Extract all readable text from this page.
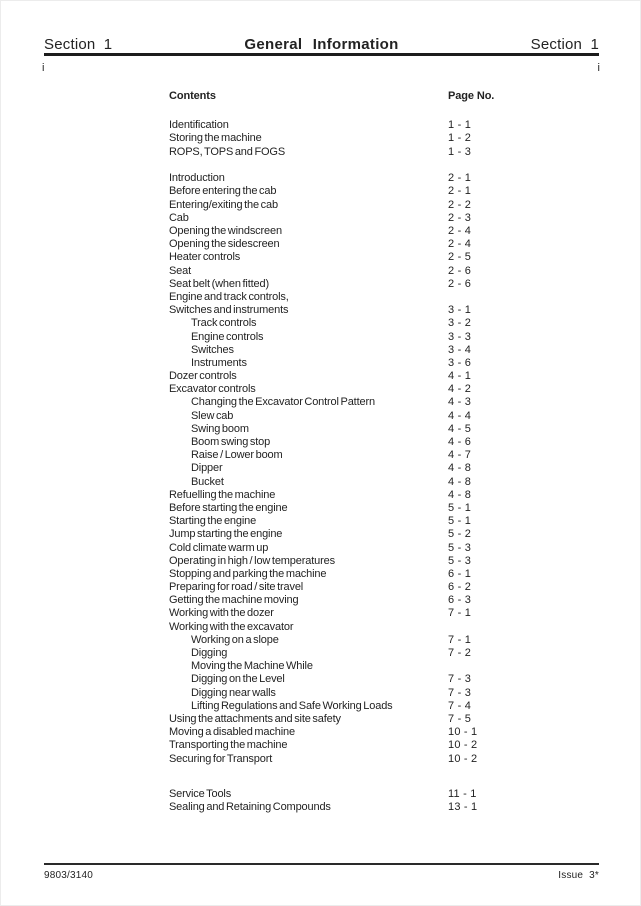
Section 1	General Information	Section 1
i	i
Contents	Page No.
Identification	1 - 1
Storing the machine	1 - 2
ROPS, TOPS and FOGS	1 - 3
Introduction	2 - 1
Before entering the cab	2 - 1
Entering/exiting the cab	2 - 2
Cab	2 - 3
Opening the windscreen	2 - 4
Opening the sidescreen	2 - 4
Heater controls	2 - 5
Seat	2 - 6
Seat belt (when fitted)	2 - 6
Engine and track controls,
Switches and instruments	3 - 1
Track controls	3 - 2
Engine controls	3 - 3
Switches	3 - 4
Instruments	3 - 6
Dozer controls	4 - 1
Excavator controls	4 - 2
Changing the Excavator Control Pattern	4 - 3
Slew cab	4 - 4
Swing boom	4 - 5
Boom swing stop	4 - 6
Raise / Lower boom	4 - 7
Dipper	4 - 8
Bucket	4 - 8
Refuelling the machine	4 - 8
Before starting the engine	5 - 1
Starting the engine	5 - 1
Jump starting the engine	5 - 2
Cold climate warm up	5 - 3
Operating in high / low temperatures	5 - 3
Stopping and parking the machine	6 - 1
Preparing for road / site travel	6 - 2
Getting the machine moving	6 - 3
Working with the dozer	7 - 1
Working with the excavator
Working on a slope	7 - 1
Digging	7 - 2
Moving the Machine While
Digging on the Level	7 - 3
Digging near walls	7 - 3
Lifting Regulations and Safe Working Loads	7 - 4
Using the attachments and site safety	7 - 5
Moving a disabled machine	10 - 1
Transporting the machine	10 - 2
Securing for Transport	10 - 2
Service Tools	11 - 1
Sealing and Retaining Compounds	13 - 1
9803/3140	Issue 3*
